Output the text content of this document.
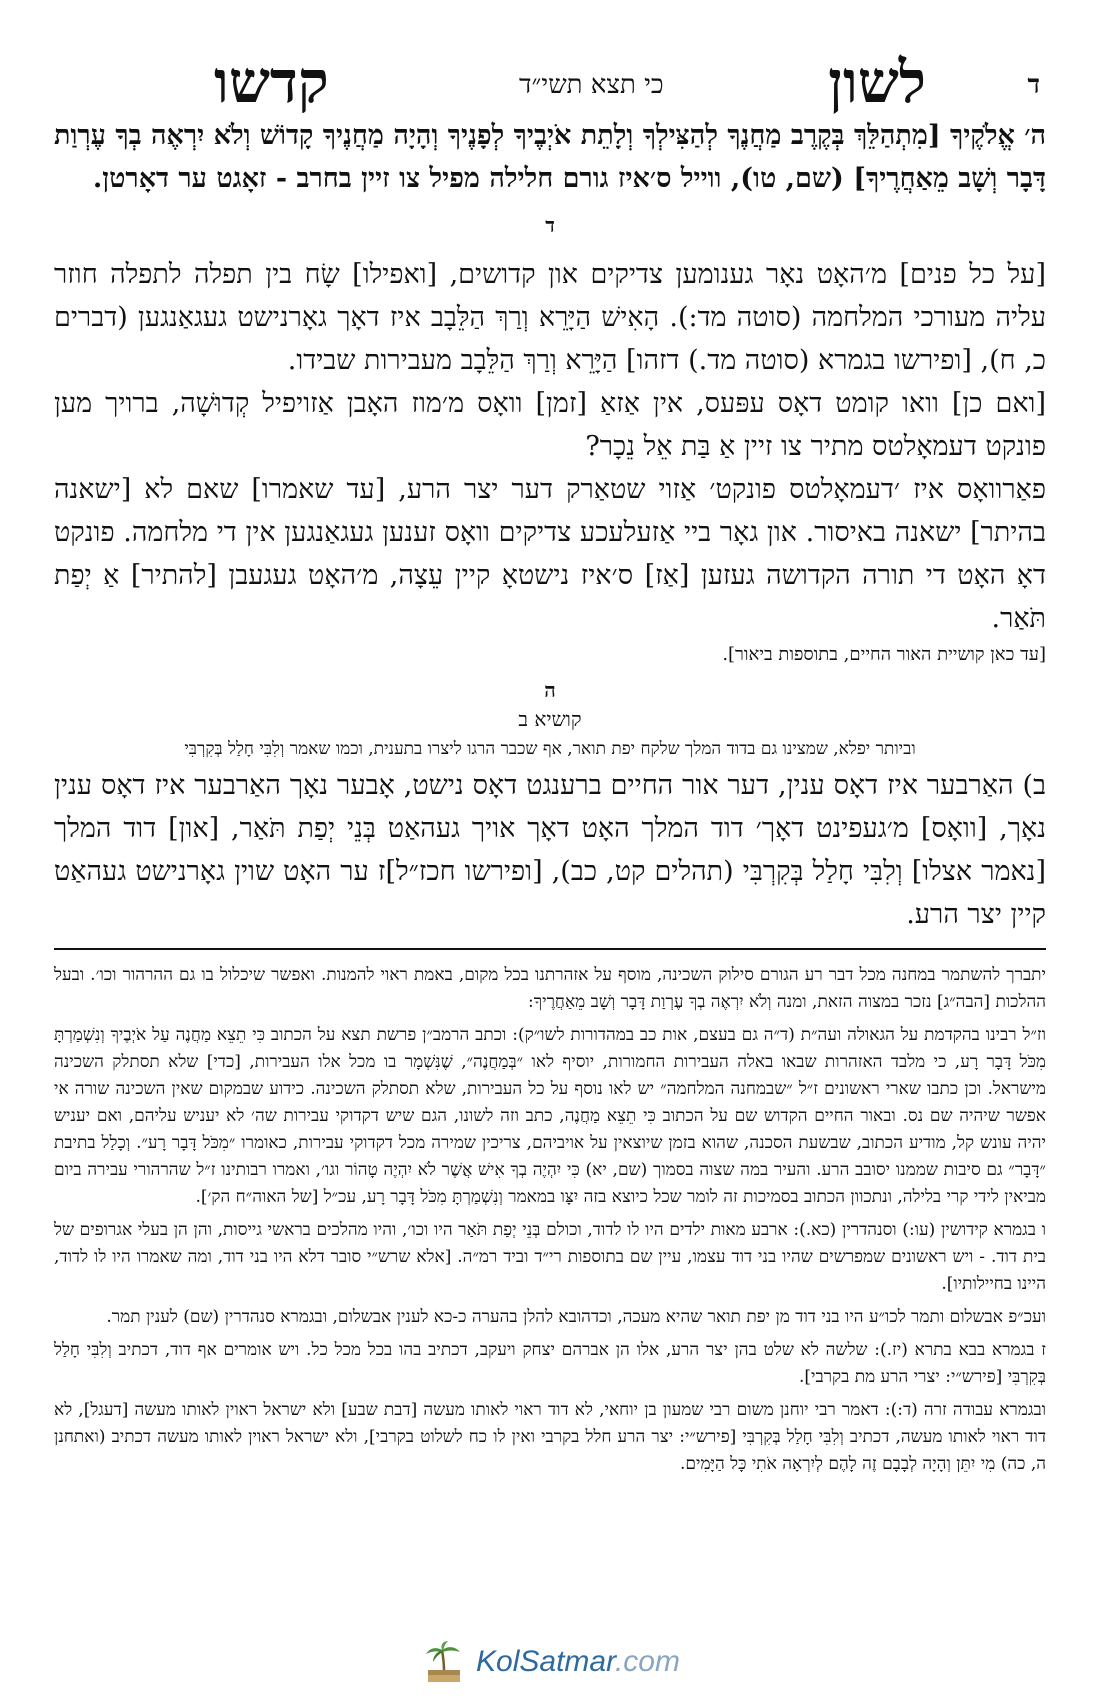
ד
לשון
כי תצא תשי״ד
קדשו

ה׳ אֱלֹקֶיךָ [מִתְהַלֵּךְ בְּקֶרֶב מַחֲנֶךָ לְהַצִּילְךָ וְלָתֵת אֹיְבֶיךָ לְפָנֶיךָ וְהָיָה מַחֲנֶיךָ קָדוֹשׁ וְלֹא יִרְאֶה בְךָ עֶרְוַת דָּבָר וְשָׁב מֵאַחֲרֶיךָ] (שם, טו), ווייל ס׳איז גורם חלילה מפיל צו זיין בחרב - זאָגט ער דאָרטן.

ד

[על כל פנים] מ׳האָט נאָר גענומען צדיקים און קדושים, [ואפילו] שָׂח בין תפלה לתפלה חוזר עליה מעורכי המלחמה (סוטה מד:). הָאִישׁ הַיָּרֵא וְרַךְ הַלֵּבָב איז דאָך גאָרנישט געגאַנגען (דברים כ, ח), [ופירשו בגמרא (סוטה מד.) דזהו] הַיָּרֵא וְרַךְ הַלֵּבָב מעבירות שבידו.

[ואם כן] וואו קומט דאָס עפּעס, אין אַזאַ [זמן] וואָס מ׳מוז האָבן אַזויפיל קְדוּשָׁה, ברויך מען פונקט דעמאָלטס מתיר צו זיין אַ בַּת אֵל נֵכָר?

פאַרוואָס איז ׳דעמאָלטס פונקט׳ אַזוי שטאַרק דער יצר הרע, [עד שאמרו] שאם לא [ישאנה בהיתר] ישאנה באיסור. און גאָר ביי אַזעלעכע צדיקים וואָס זענען געגאַנגען אין די מלחמה. פונקט דאָ האָט די תורה הקדושה געזען [אַז] ס׳איז נישטאָ קיין עֵצָה, מ׳האָט געגעבן [להתיר] אַ יְפַת תֹּאַר.

[עד כאן קושיית האור החיים, בתוספות ביאור].
ה
קושיא ב
וביותר יפלא, שמצינו גם בדוד המלך שלקח יפת תואר, אף שכבר הרגו ליצרו בתענית, וכמו שאמר וְלִבִּי חָלַל בְּקִרְבִּי

ב) האַרבער איז דאָס ענין, דער אור החיים ברענגט דאָס נישט, אָבער נאָך האַרבער איז דאָס ענין נאָך, [וואָס] מ׳געפינט דאָך׳ דוד המלך האָט דאָך אויך געהאַט בְּנֵי יְפַת תֹּאַר, [און] דוד המלך [נאמר אצלו] וְלִבִּי חָלַל בְּקִרְבִּי (תהלים קט, כב), [ופירשו חכז״ל]ז ער האָט שוין גאָרנישט געהאַט קיין יצר הרע.

יתברך להשתמר במחנה מכל דבר רע הגורם סילוק השכינה, מוסף על אזהרתנו בכל מקום, באמת ראוי להמנות. ואפשר שיכלול בו גם ההרהור וכו׳. ובעל ההלכות [הבה״ג] נזכר במצוה הזאת, ומנה וְלֹא יִרְאֶה בְךָ עֶרְוַת דָּבָר וְשָׁב מֵאַחֲרֶיךָ:

וז״ל רבינו בהקדמת על הגאולה ועה״ת (ד״ה גם בעצם, אות כב במהדורות לשו״ק): וכתב הרמב״ן פרשת תצא על הכתוב כִּי תֵצֵא מַחֲנֶה עַל אֹיְבֶיךָ וְנִשְׁמַרְתָּ מִכֹּל דָּבָר רָע, כי מלבד האזהרות שבאו באלה העבירות החמורות, יוסיף לאו ״בְּמַחֲנֶה״, שֶׁנִּשְׁמָר בו מכל אלו העבירות, [כדי] שלא תסתלק השכינה מישראל. וכן כתבו שארי ראשונים ז״ל ״שבמחנה המלחמה״ יש לאו נוסף על כל העבירות, שלא תסתלק השכינה. כידוע שבמקום שאין השכינה שורה אי אפשר שיהיה שם נס. ובאור החיים הקדוש שם על הכתוב כִּי תֵצֵא מַחֲנֶה, כתב וזה לשונו, הגם שיש דקדוקי עבירות שה׳ לא יעניש עליהם, ואם יעניש יהיה עונש קל, מודיע הכתוב, שבשעת הסכנה, שהוא בזמן שיוצאין על אויביהם, צריכין שמירה מכל דקדוקי עבירות, כאומרו ״מִכֹּל דָּבָר רָע״. וְכָלַל בתיבת ״דָּבָר״ גם סיבות שממנו יסובב הרע. והעיר במה שצוה בסמוך (שם, יא) כִּי יִהְיֶה בְךָ אִישׁ אֲשֶׁר לֹא יִהְיֶה טָהוֹר וגו׳, ואמרו רבותינו ז״ל שהרהורי עבירה ביום מביאין לידי קרי בלילה, ונתכוון הכתוב בסמיכות זה לומר שכל כיוצא בזה יִצָּו במאמר וְנִשְׁמַרְתָּ מִכֹּל דָּבָר רָע, עכ״ל [של האוה״ח הק׳].

ו בגמרא קידושין (עו:) וסנהדרין (כא.): ארבע מאות ילדים היו לו לדוד, וכולם בְּנֵי יְפַת תֹּאַר היו וכו׳, והיו מהלכים בראשי גייסות, והן הן בעלי אגרופים של בית דוד. - ויש ראשונים שמפרשים שהיו בני דוד עצמו, עיין שם בתוספות רי״ד וביד רמ״ה. [אלא שרש״י סובר דלא היו בני דוד, ומה שאמרו היו לו לדוד, היינו בחיילותיו].

ועכ״פ אבשלום ותמר לכו״ע היו בני דוד מן יפת תואר שהיא מעכה, וכדהובא להלן בהערה כ-כא לענין אבשלום, ובגמרא סנהדרין (שם) לענין תמר.

ז בגמרא בבא בתרא (יז.): שלשה לא שלט בהן יצר הרע, אלו הן אברהם יצחק ויעקב, דכתיב בהו בכל מכל כל. ויש אומרים אף דוד, דכתיב וְלִבִּי חָלַל בְּקִרְבִּי [פירש״י: יצרי הרע מת בקרבי].

ובגמרא עבודה זרה (ד:): דאמר רבי יוחנן משום רבי שמעון בן יוחאי, לא דוד ראוי לאותו מעשה [דבת שבע] ולא ישראל ראוין לאותו מעשה [דעגל], לא דוד ראוי לאותו מעשה, דכתיב וְלִבִּי חָלַל בְּקִרְבִּי [פירש״י: יצר הרע חלל בקרבי ואין לו כח לשלוט בקרבי], ולא ישראל ראוין לאותו מעשה דכתיב (ואתחנן ה, כה) מִי יִתֵּן וְהָיָה לְבָבָם זֶה לָהֶם לְיִרְאָה אֹתִי כָּל הַיָּמִים.

KolSatmar.com
